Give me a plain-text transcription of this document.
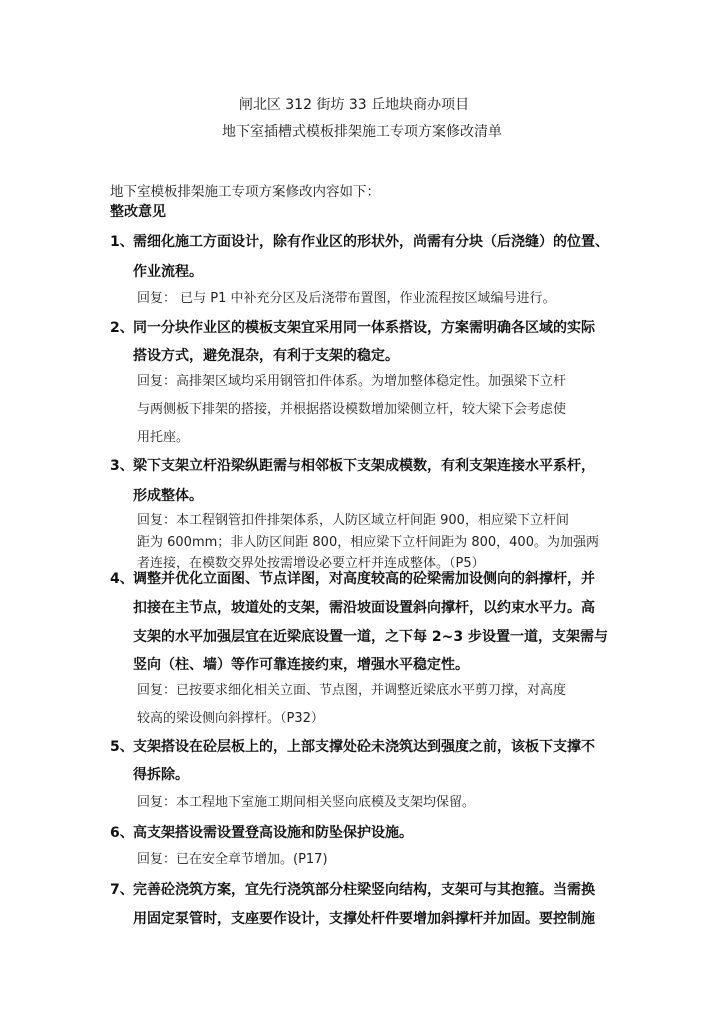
闸北区 312 街坊 33 丘地块商办项目
地下室插槽式模板排架施工专项方案修改清单
地下室模板排架施工专项方案修改内容如下：
整改意见
1、 需细化施工方面设计，除有作业区的形状外，尚需有分块（后浇缝）的位置、
作业流程。
回复： 已与 P1 中补充分区及后浇带布置图，作业流程按区域编号进行。
2、 同一分块作业区的模板支架宜采用同一体系搭设，方案需明确各区域的实际
搭设方式，避免混杂，有利于支架的稳定。
回复：高排架区域均采用钢管扣件体系。为增加整体稳定性。加强梁下立杆
与两侧板下排架的搭接，并根据搭设模数增加梁侧立杆，较大梁下会考虑使
用托座。
3、 梁下支架立杆沿梁纵距需与相邻板下支架成模数，有利支架连接水平系杆，
形成整体。
回复：本工程钢管扣件排架体系，人防区域立杆间距 900，相应梁下立杆间
距为 600mm；非人防区间距 800，相应梁下立杆间距为 800，400。为加强两
者连接，在模数交界处按需增设必要立杆并连成整体。（P5）
4、 调整并优化立面图、节点详图，对高度较高的砼梁需加设侧向的斜撑杆，并
扣接在主节点，坡道处的支架，需沿坡面设置斜向撑杆，以约束水平力。高
支架的水平加强层宜在近梁底设置一道，之下每 2~3 步设置一道，支架需与
竖向（柱、墙）等作可靠连接约束，增强水平稳定性。
回复：已按要求细化相关立面、节点图，并调整近梁底水平剪刀撑，对高度
较高的梁设侧向斜撑杆。（P32）
5、 支架搭设在砼层板上的，上部支撑处砼未浇筑达到强度之前，该板下支撑不
得拆除。
回复：本工程地下室施工期间相关竖向底模及支架均保留。
6、 高支架搭设需设置登高设施和防坠保护设施。
回复：已在安全章节增加。(P17)
7、 完善砼浇筑方案，宜先行浇筑部分柱梁竖向结构，支架可与其抱箍。当需换
用固定泵管时，支座要作设计，支撑处杆件要增加斜撑杆并加固。要控制施
